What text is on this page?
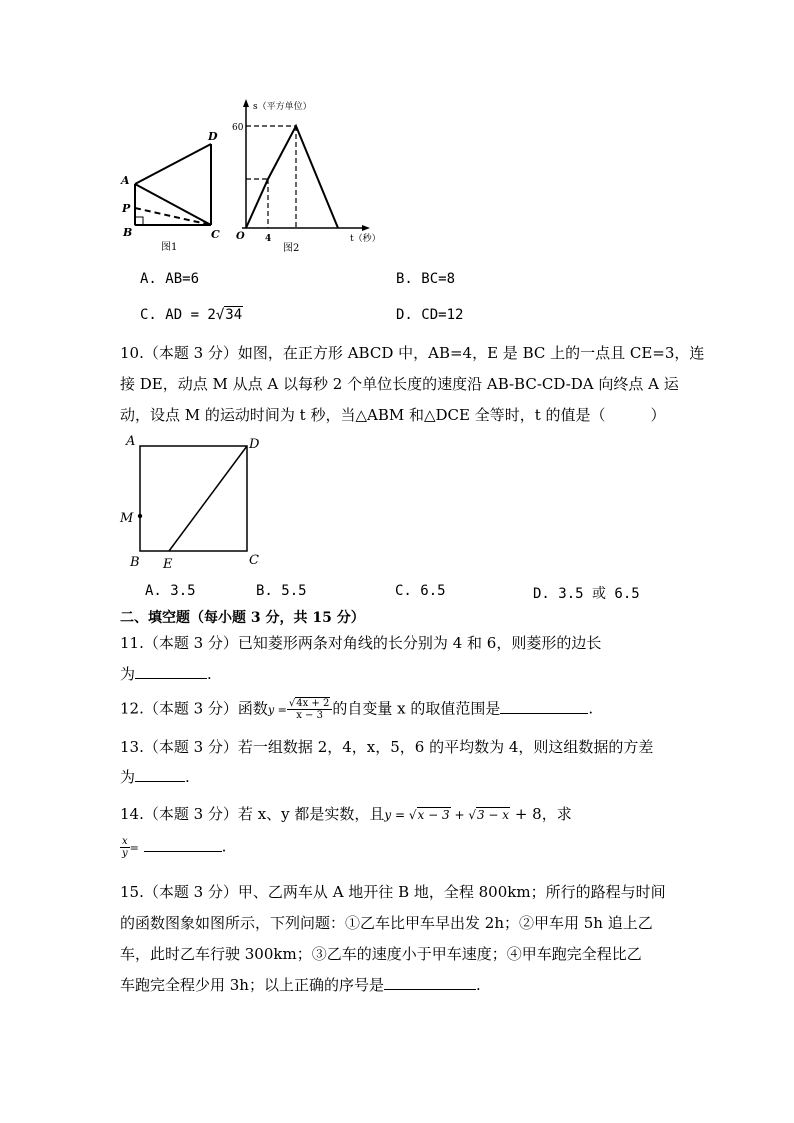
A
P
B	C
D
图1
s（平方单位）
60
O 4	t（秒）
图2
A. AB=6	B. BC=8
C. AD = 2√34	D. CD=12
10.（本题 3 分）如图，在正方形 ABCD 中，AB=4，E 是 BC 上的一点且 CE=3，连
接 DE，动点 M 从点 A 以每秒 2 个单位长度的速度沿 AB-BC-CD-DA 向终点 A 运
动，设点 M 的运动时间为 t 秒，当△ABM 和△DCE 全等时，t 的值是（　　　）
A	D
M
B	C
E
A. 3.5	B. 5.5	C. 6.5	D. 3.5 或 6.5
二、填空题（每小题 3 分，共 15 分）
11.（本题 3 分）已知菱形两条对角线的长分别为 4 和 6，则菱形的边长
为	.
12.（本题 3 分）函数$y = \frac{√4x + 2}{x - 3}$ 的自变量 x 的取值范围是	.
13.（本题 3 分）若一组数据 2，4，x，5，6 的平均数为 4，则这组数据的方差
为	.
14.（本题 3 分）若 x、y 都是实数，且y = √x − 3 + √3 − x + 8，求
$\frac{x}{y}$ =	.
15.（本题 3 分）甲、乙两车从 A 地开往 B 地，全程 800km；所行的路程与时间
的函数图象如图所示，下列问题：①乙车比甲车早出发 2h；②甲车用 5h 追上乙
车，此时乙车行驶 300km；③乙车的速度小于甲车速度；④甲车跑完全程比乙
车跑完全程少用 3h；以上正确的序号是	.
